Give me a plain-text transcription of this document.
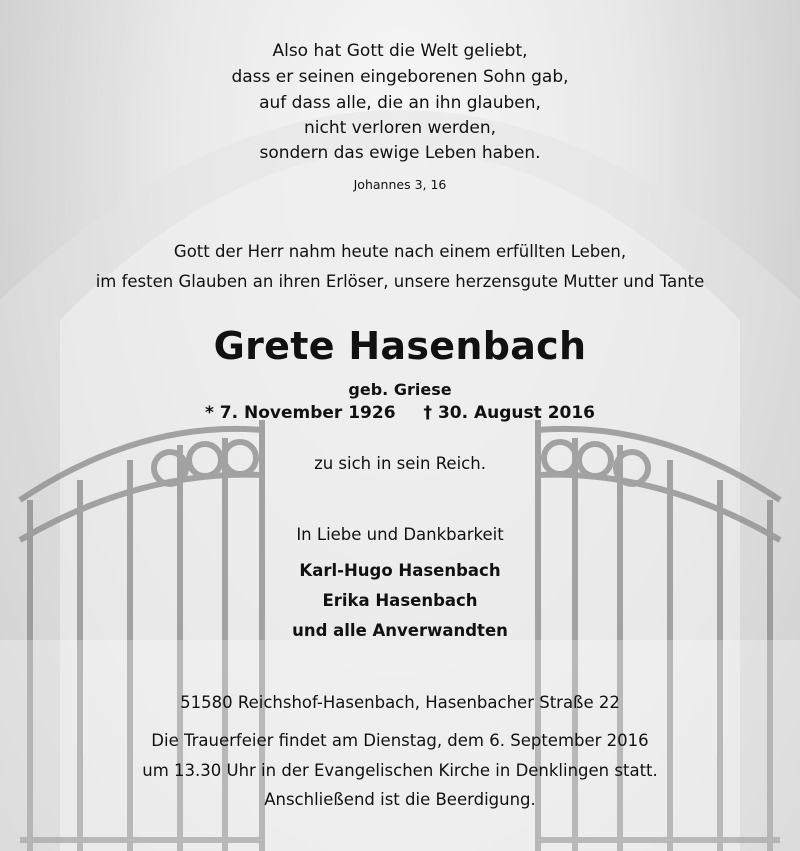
Also hat Gott die Welt geliebt,
dass er seinen eingeborenen Sohn gab,
auf dass alle, die an ihn glauben,
nicht verloren werden,
sondern das ewige Leben haben.
Johannes 3, 16
Gott der Herr nahm heute nach einem erfüllten Leben,
im festen Glauben an ihren Erlöser, unsere herzensgute Mutter und Tante
Grete Hasenbach
geb. Griese
* 7. November 1926 † 30. August 2016
zu sich in sein Reich.
In Liebe und Dankbarkeit
Karl-Hugo Hasenbach
Erika Hasenbach
und alle Anverwandten
51580 Reichshof-Hasenbach, Hasenbacher Straße 22
Die Trauerfeier findet am Dienstag, dem 6. September 2016
um 13.30 Uhr in der Evangelischen Kirche in Denklingen statt.
Anschließend ist die Beerdigung.
